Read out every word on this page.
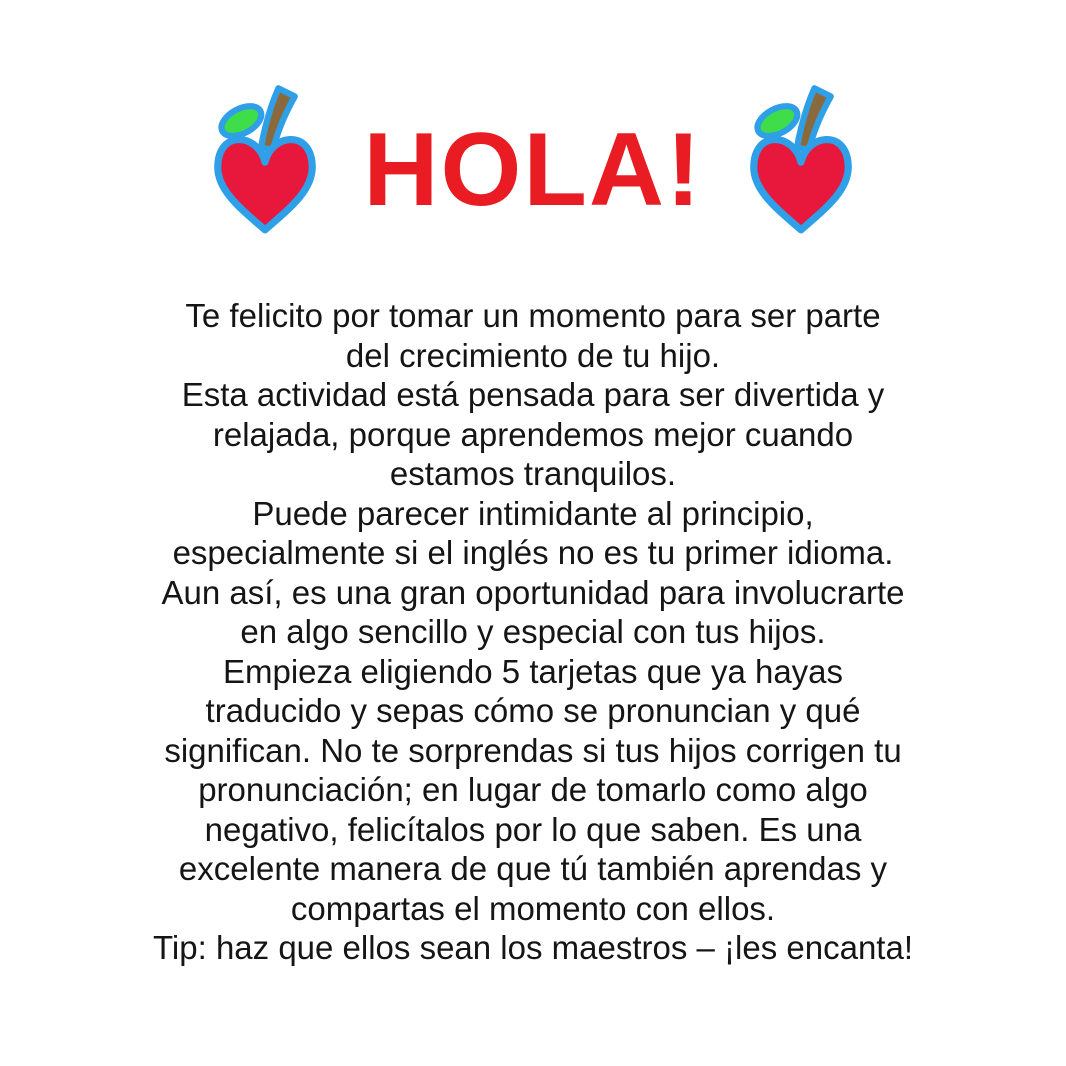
HOLA!
Te felicito por tomar un momento para ser parte
del crecimiento de tu hijo.
Esta actividad está pensada para ser divertida y
relajada, porque aprendemos mejor cuando
estamos tranquilos.
Puede parecer intimidante al principio,
especialmente si el inglés no es tu primer idioma.
Aun así, es una gran oportunidad para involucrarte
en algo sencillo y especial con tus hijos.
Empieza eligiendo 5 tarjetas que ya hayas
traducido y sepas cómo se pronuncian y qué
significan. No te sorprendas si tus hijos corrigen tu
pronunciación; en lugar de tomarlo como algo
negativo, felicítalos por lo que saben. Es una
excelente manera de que tú también aprendas y
compartas el momento con ellos.
Tip: haz que ellos sean los maestros – ¡les encanta!
